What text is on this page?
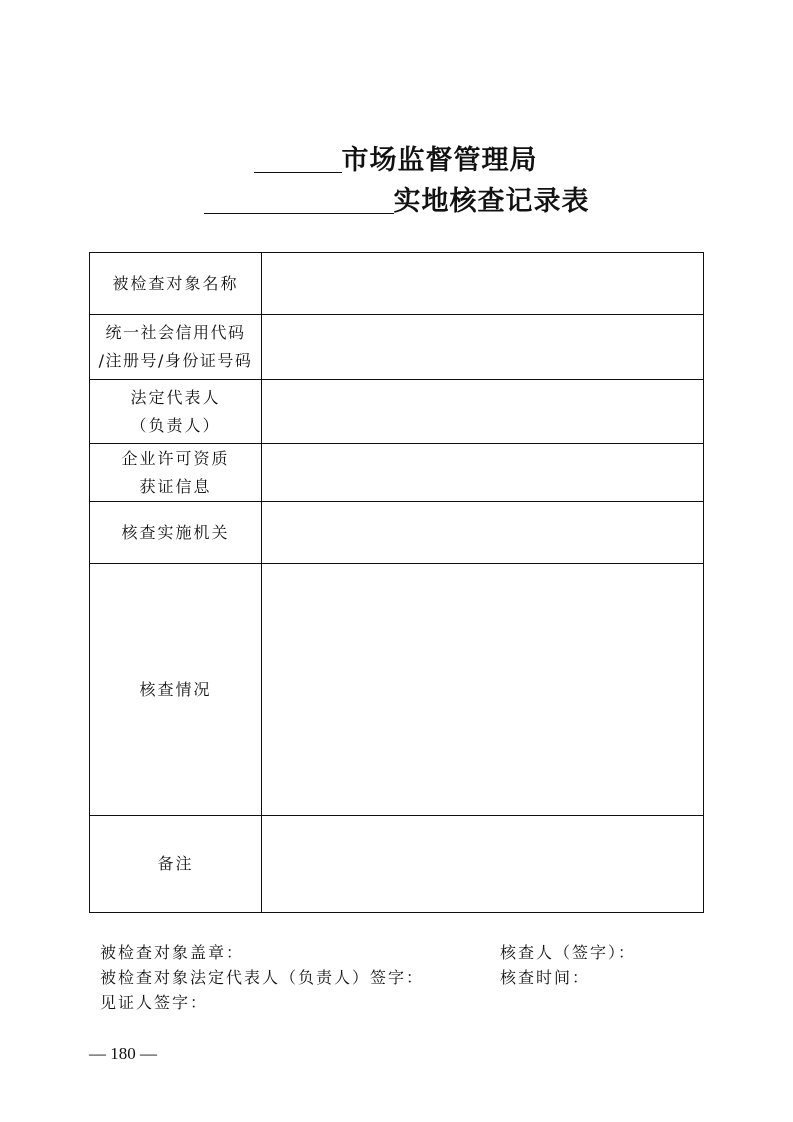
市场监督管理局
实地核查记录表
被检查对象名称	

统一社会信用代码
/注册号/身份证号码	

法定代表人
（负责人）	

企业许可资质
获证信息	

核查实施机关	

核查情况	

备注	

被检查对象盖章：
被检查对象法定代表人（负责人）签字：
见证人签字：
核查人（签字）：
核查时间：
— 180 —
